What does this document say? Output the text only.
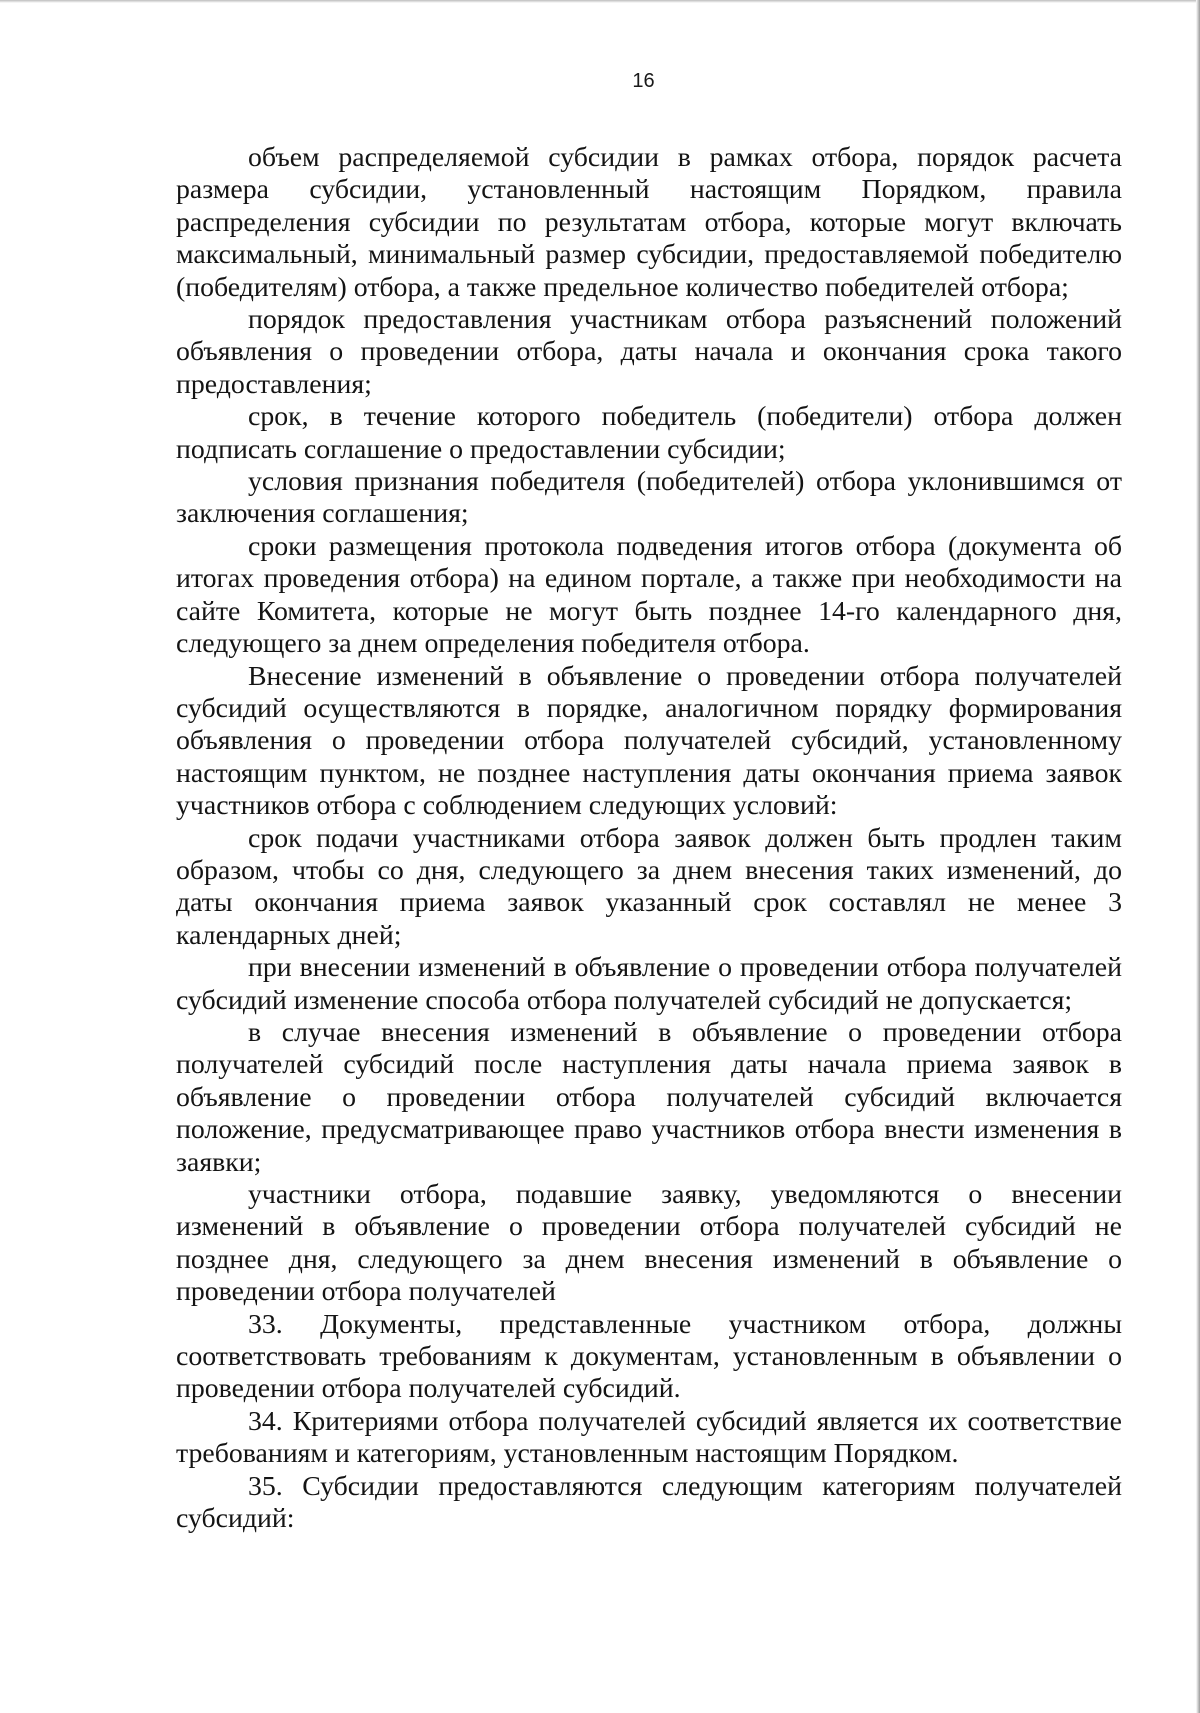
16

объем распределяемой субсидии в рамках отбора, порядок расчета размера субсидии, установленный настоящим Порядком, правила распределения субсидии по результатам отбора, которые могут включать максимальный, минимальный размер субсидии, предоставляемой победителю (победителям) отбора, а также предельное количество победителей отбора;

порядок предоставления участникам отбора разъяснений положений объявления о проведении отбора, даты начала и окончания срока такого предоставления;

срок, в течение которого победитель (победители) отбора должен подписать соглашение о предоставлении субсидии;

условия признания победителя (победителей) отбора уклонившимся от заключения соглашения;

сроки размещения протокола подведения итогов отбора (документа об итогах проведения отбора) на едином портале, а также при необходимости на сайте Комитета, которые не могут быть позднее 14-го календарного дня, следующего за днем определения победителя отбора.

Внесение изменений в объявление о проведении отбора получателей субсидий осуществляются в порядке, аналогичном порядку формирования объявления о проведении отбора получателей субсидий, установленному настоящим пунктом, не позднее наступления даты окончания приема заявок участников отбора с соблюдением следующих условий:

срок подачи участниками отбора заявок должен быть продлен таким образом, чтобы со дня, следующего за днем внесения таких изменений, до даты окончания приема заявок указанный срок составлял не менее 3 календарных дней;

при внесении изменений в объявление о проведении отбора получателей субсидий изменение способа отбора получателей субсидий не допускается;

в случае внесения изменений в объявление о проведении отбора получателей субсидий после наступления даты начала приема заявок в объявление о проведении отбора получателей субсидий включается положение, предусматривающее право участников отбора внести изменения в заявки;

участники отбора, подавшие заявку, уведомляются о внесении изменений в объявление о проведении отбора получателей субсидий не позднее дня, следующего за днем внесения изменений в объявление о проведении отбора получателей

33. Документы, представленные участником отбора, должны соответствовать требованиям к документам, установленным в объявлении о проведении отбора получателей субсидий.

34. Критериями отбора получателей субсидий является их соответствие требованиям и категориям, установленным настоящим Порядком.

35. Субсидии предоставляются следующим категориям получателей субсидий:
